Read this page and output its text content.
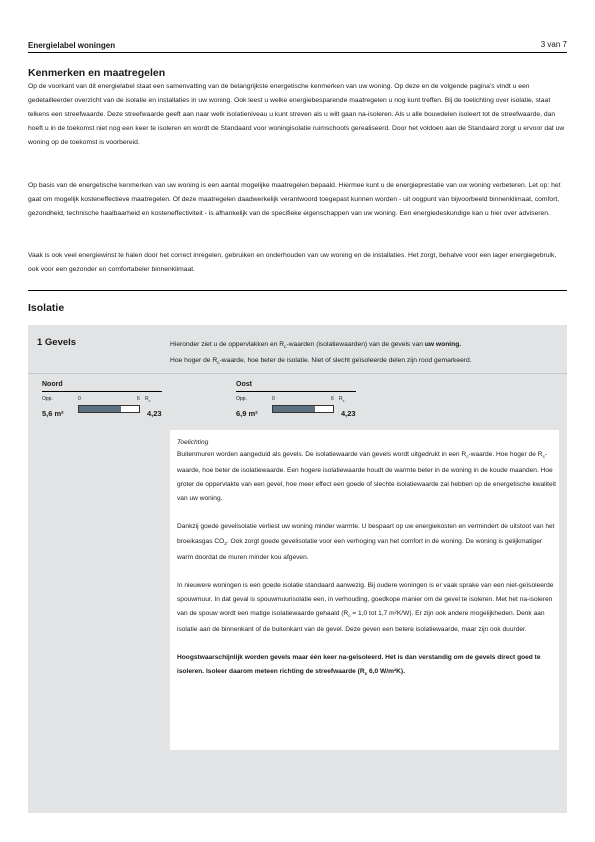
Energielabel woningen	3 van 7
Kenmerken en maatregelen

Op de voorkant van dit energielabel staat een samenvatting van de belangrijkste energetische kenmerken van uw woning. Op deze en de volgende pagina's vindt u een gedetailleerder overzicht van de isolatie en installaties in uw woning. Ook leest u welke energiebesparende maatregelen u nog kunt treffen. Bij de toelichting over isolatie, staat telkens een streefwaarde. Deze streefwaarde geeft aan naar welk isolatieniveau u kunt streven als u wilt gaan na-isoleren. Als u alle bouwdelen isoleert tot de streefwaarde, dan hoeft u in de toekomst niet nog een keer te isoleren en wordt de Standaard voor woningisolatie ruimschoots gerealiseerd. Door het voldoen aan de Standaard zorgt u ervoor dat uw woning op de toekomst is voorbereid.

Op basis van de energetische kenmerken van uw woning is een aantal mogelijke maatregelen bepaald. Hiermee kunt u de energieprestatie van uw woning verbeteren. Let op: het gaat om mogelijk kosteneffectieve maatregelen. Of deze maatregelen daadwerkelijk verantwoord toegepast kunnen worden - uit oogpunt van bijvoorbeeld binnenklimaat, comfort, gezondheid, technische haalbaarheid en kosteneffectiviteit - is afhankelijk van de specifieke eigenschappen van uw woning. Een energiedeskundige kan u hier over adviseren.

Vaak is ook veel energiewinst te halen door het correct inregelen, gebruiken en onderhouden van uw woning en de installaties. Het zorgt, behalve voor een lager energiegebruik, ook voor een gezonder en comfortabeler binnenklimaat.

Isolatie
1 Gevels	Hieronder ziet u de oppervlakken en $R_c$-waarden (isolatiewaarden) van de gevels van uw woning.
Hoe hoger de $R_c$-waarde, hoe beter de isolatie. Niet of slecht geïsoleerde delen zijn rood gemarkeerd.

Noord
Opp.	0	6 $R_c$
5,6 m²	4,23
Oost
Opp.	0	6 $R_c$
6,9 m²	4,23

Toelichting

Buitenmuren worden aangeduid als gevels. De isolatiewaarde van gevels wordt uitgedrukt in een $R_c$-waarde. Hoe hoger de $R_c$-waarde, hoe beter de isolatiewaarde. Een hogere isolatiewaarde houdt de warmte beter in de woning in de koude maanden. Hoe groter de oppervlakte van een gevel, hoe meer effect een goede of slechte isolatiewaarde zal hebben op de energetische kwaliteit van uw woning.

Dankzij goede gevelisolatie verliest uw woning minder warmte. U bespaart op uw energiekosten en vermindert de uitstoot van het broeikasgas $CO_2$. Ook zorgt goede gevelisolatie voor een verhoging van het comfort in de woning. De woning is gelijkmatiger warm doordat de muren minder kou afgeven.

In nieuwere woningen is een goede isolatie standaard aanwezig. Bij oudere woningen is er vaak sprake van een niet-geïsoleerde spouwmuur. In dat geval is spouwmuurisolatie een, in verhouding, goedkope manier om de gevel te isoleren. Met het na-isoleren van de spouw wordt een matige isolatiewaarde gehaald ($R_c = 1,0$ tot 1,7 m²K/W). Er zijn ook andere mogelijkheden. Denk aan isolatie aan de binnenkant of de buitenkant van de gevel. Deze geven een betere isolatiewaarde, maar zijn ook duurder.

Hoogstwaarschijnlijk worden gevels maar één keer na-geïsoleerd. Het is dan verstandig om de gevels direct goed te isoleren. Isoleer daarom meteen richting de streefwaarde ($R_c$ 6,0 W/m²K).
